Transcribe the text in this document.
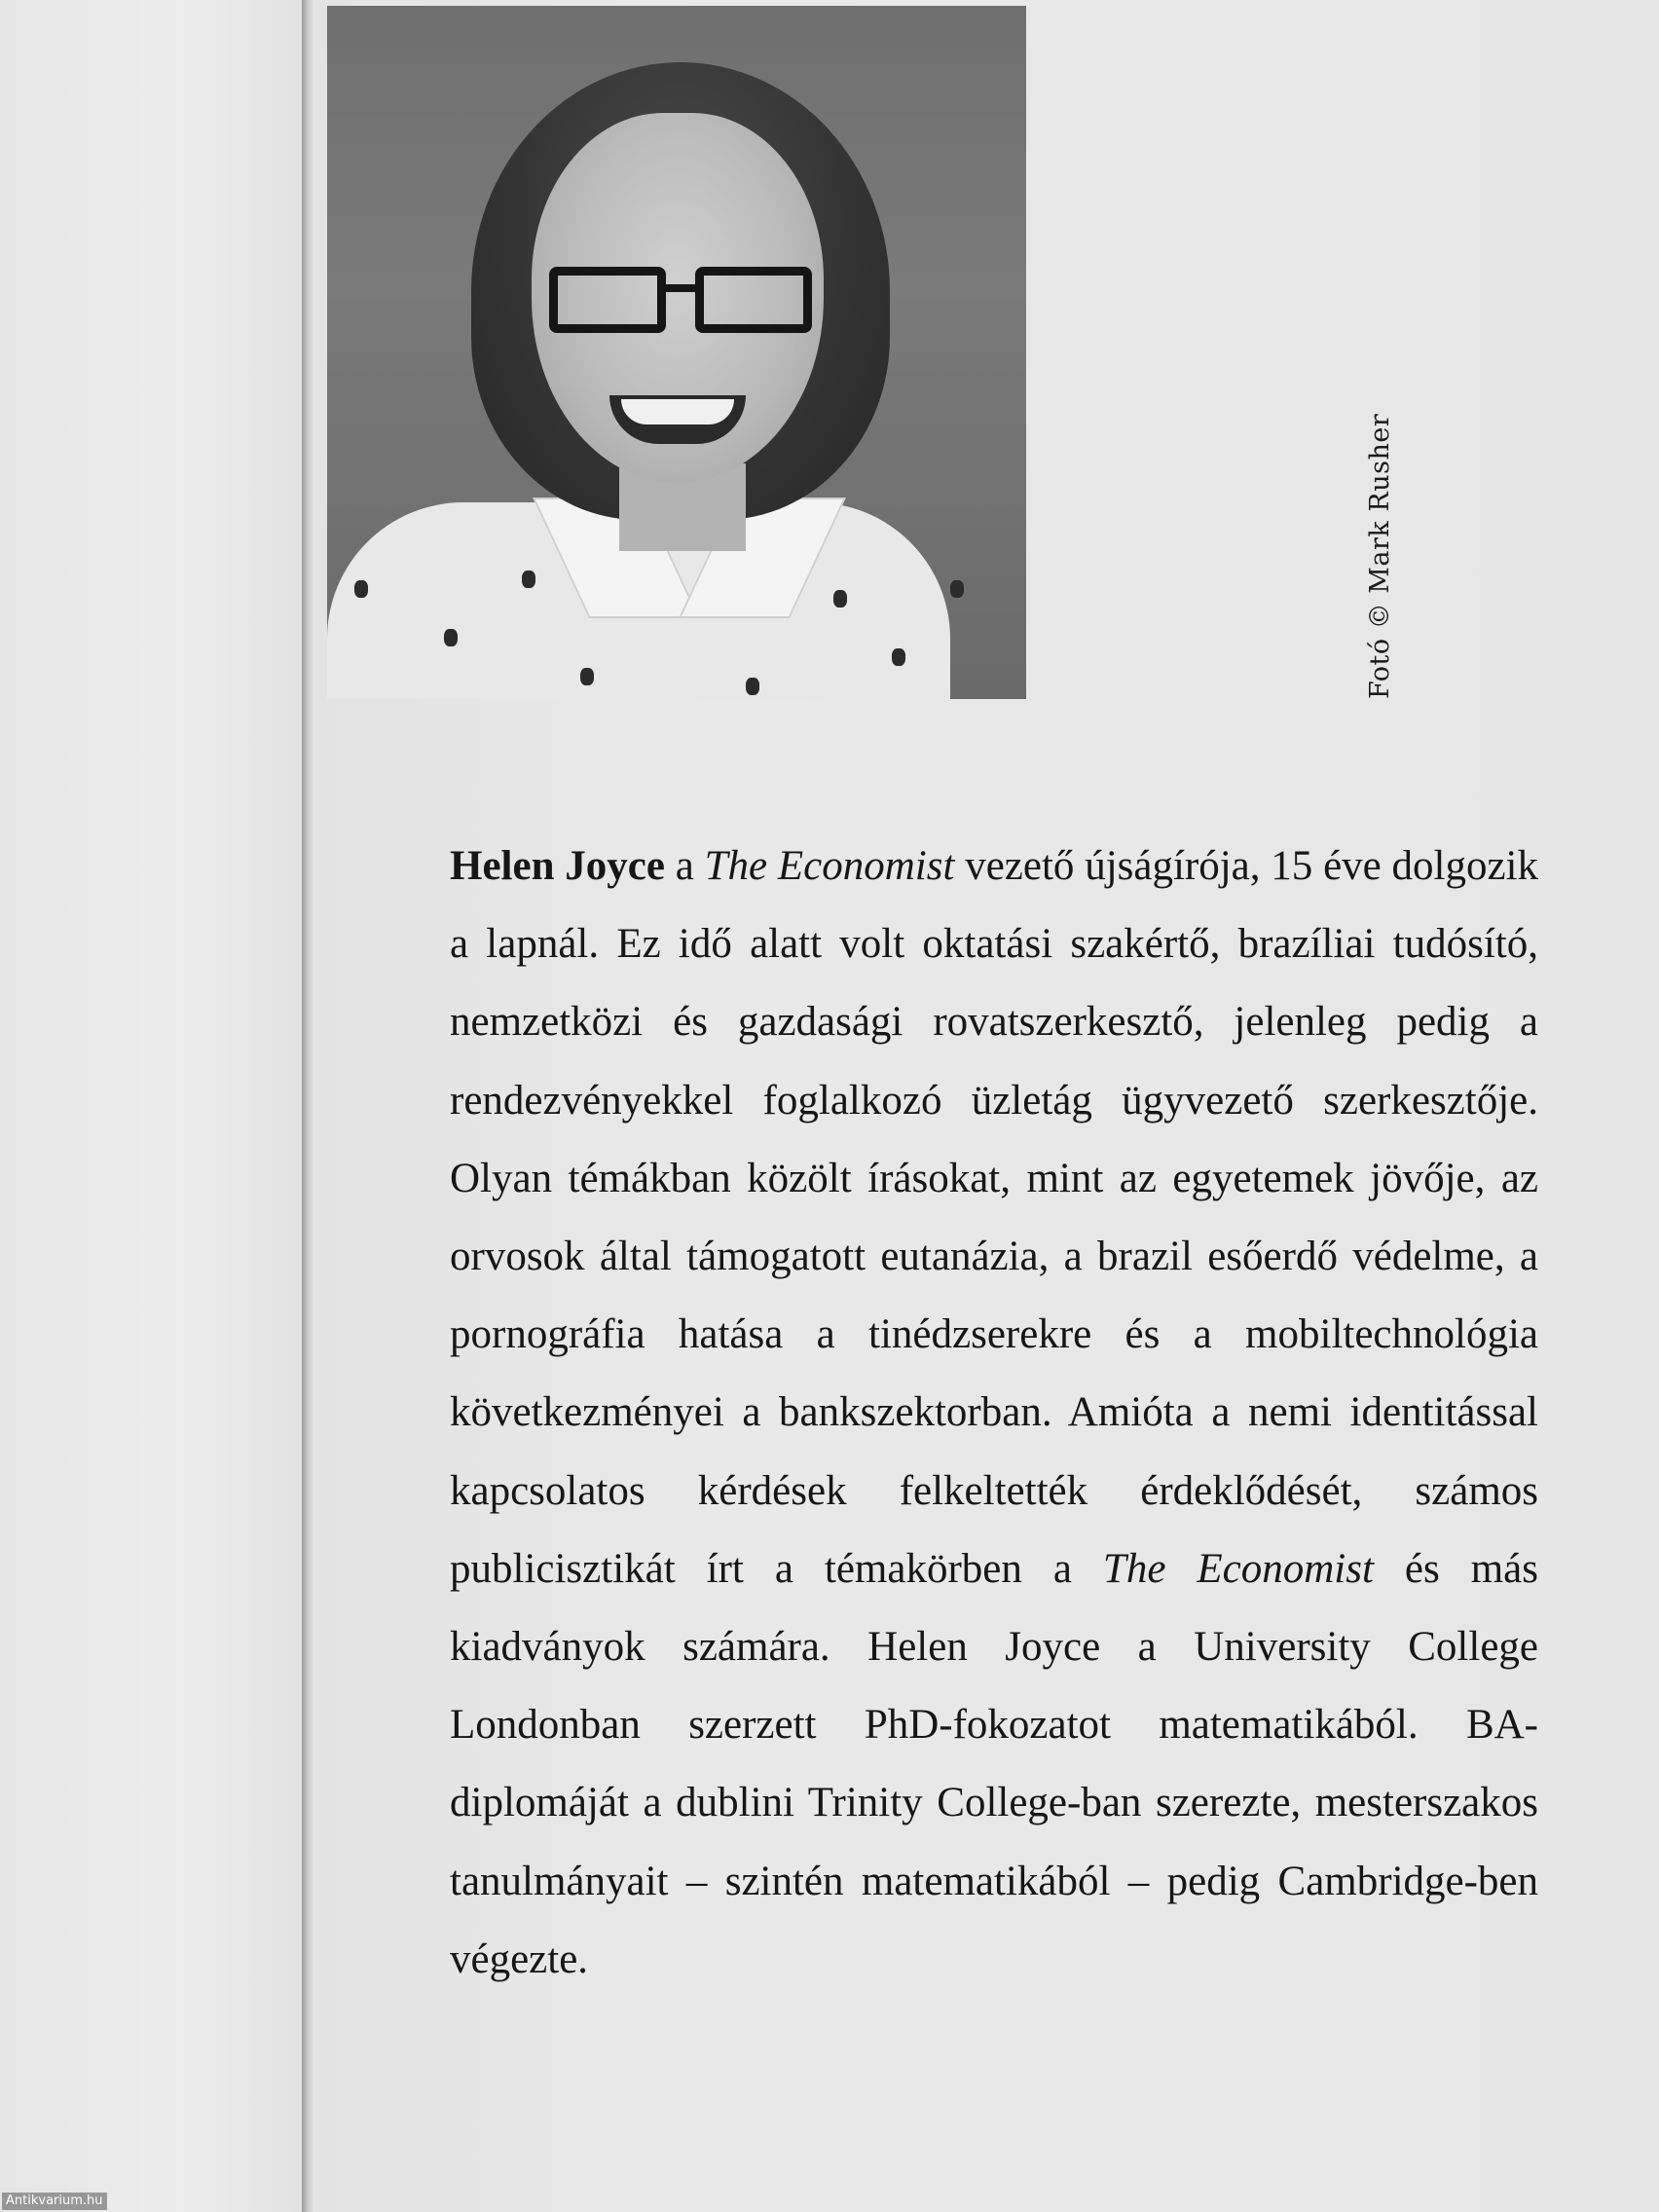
Fotó © Mark Rusher
Helen Joyce a The Economist vezető újságírója, 15 éve dolgozik a lapnál. Ez idő alatt volt oktatási szakértő, brazíliai tudósító, nemzetközi és gazdasági rovatszerkesztő, jelenleg pedig a rendezvényekkel foglalkozó üzletág ügyvezető szerkesztője. Olyan témákban közölt írásokat, mint az egyetemek jövője, az orvosok által támogatott eutanázia, a brazil esőerdő védelme, a pornográfia hatása a tinédzserekre és a mobiltechnológia következményei a bankszektorban. Amióta a nemi identitással kapcsolatos kérdések felkeltették érdeklődését, számos publicisztikát írt a témakörben a The Economist és más kiadványok számára. Helen Joyce a University College Londonban szerzett PhD-fokozatot matematikából. BA-diplomáját a dublini Trinity College-ban szerezte, mesterszakos tanulmányait – szintén matematikából – pedig Cambridge-ben végezte.
Antikvarium.hu
